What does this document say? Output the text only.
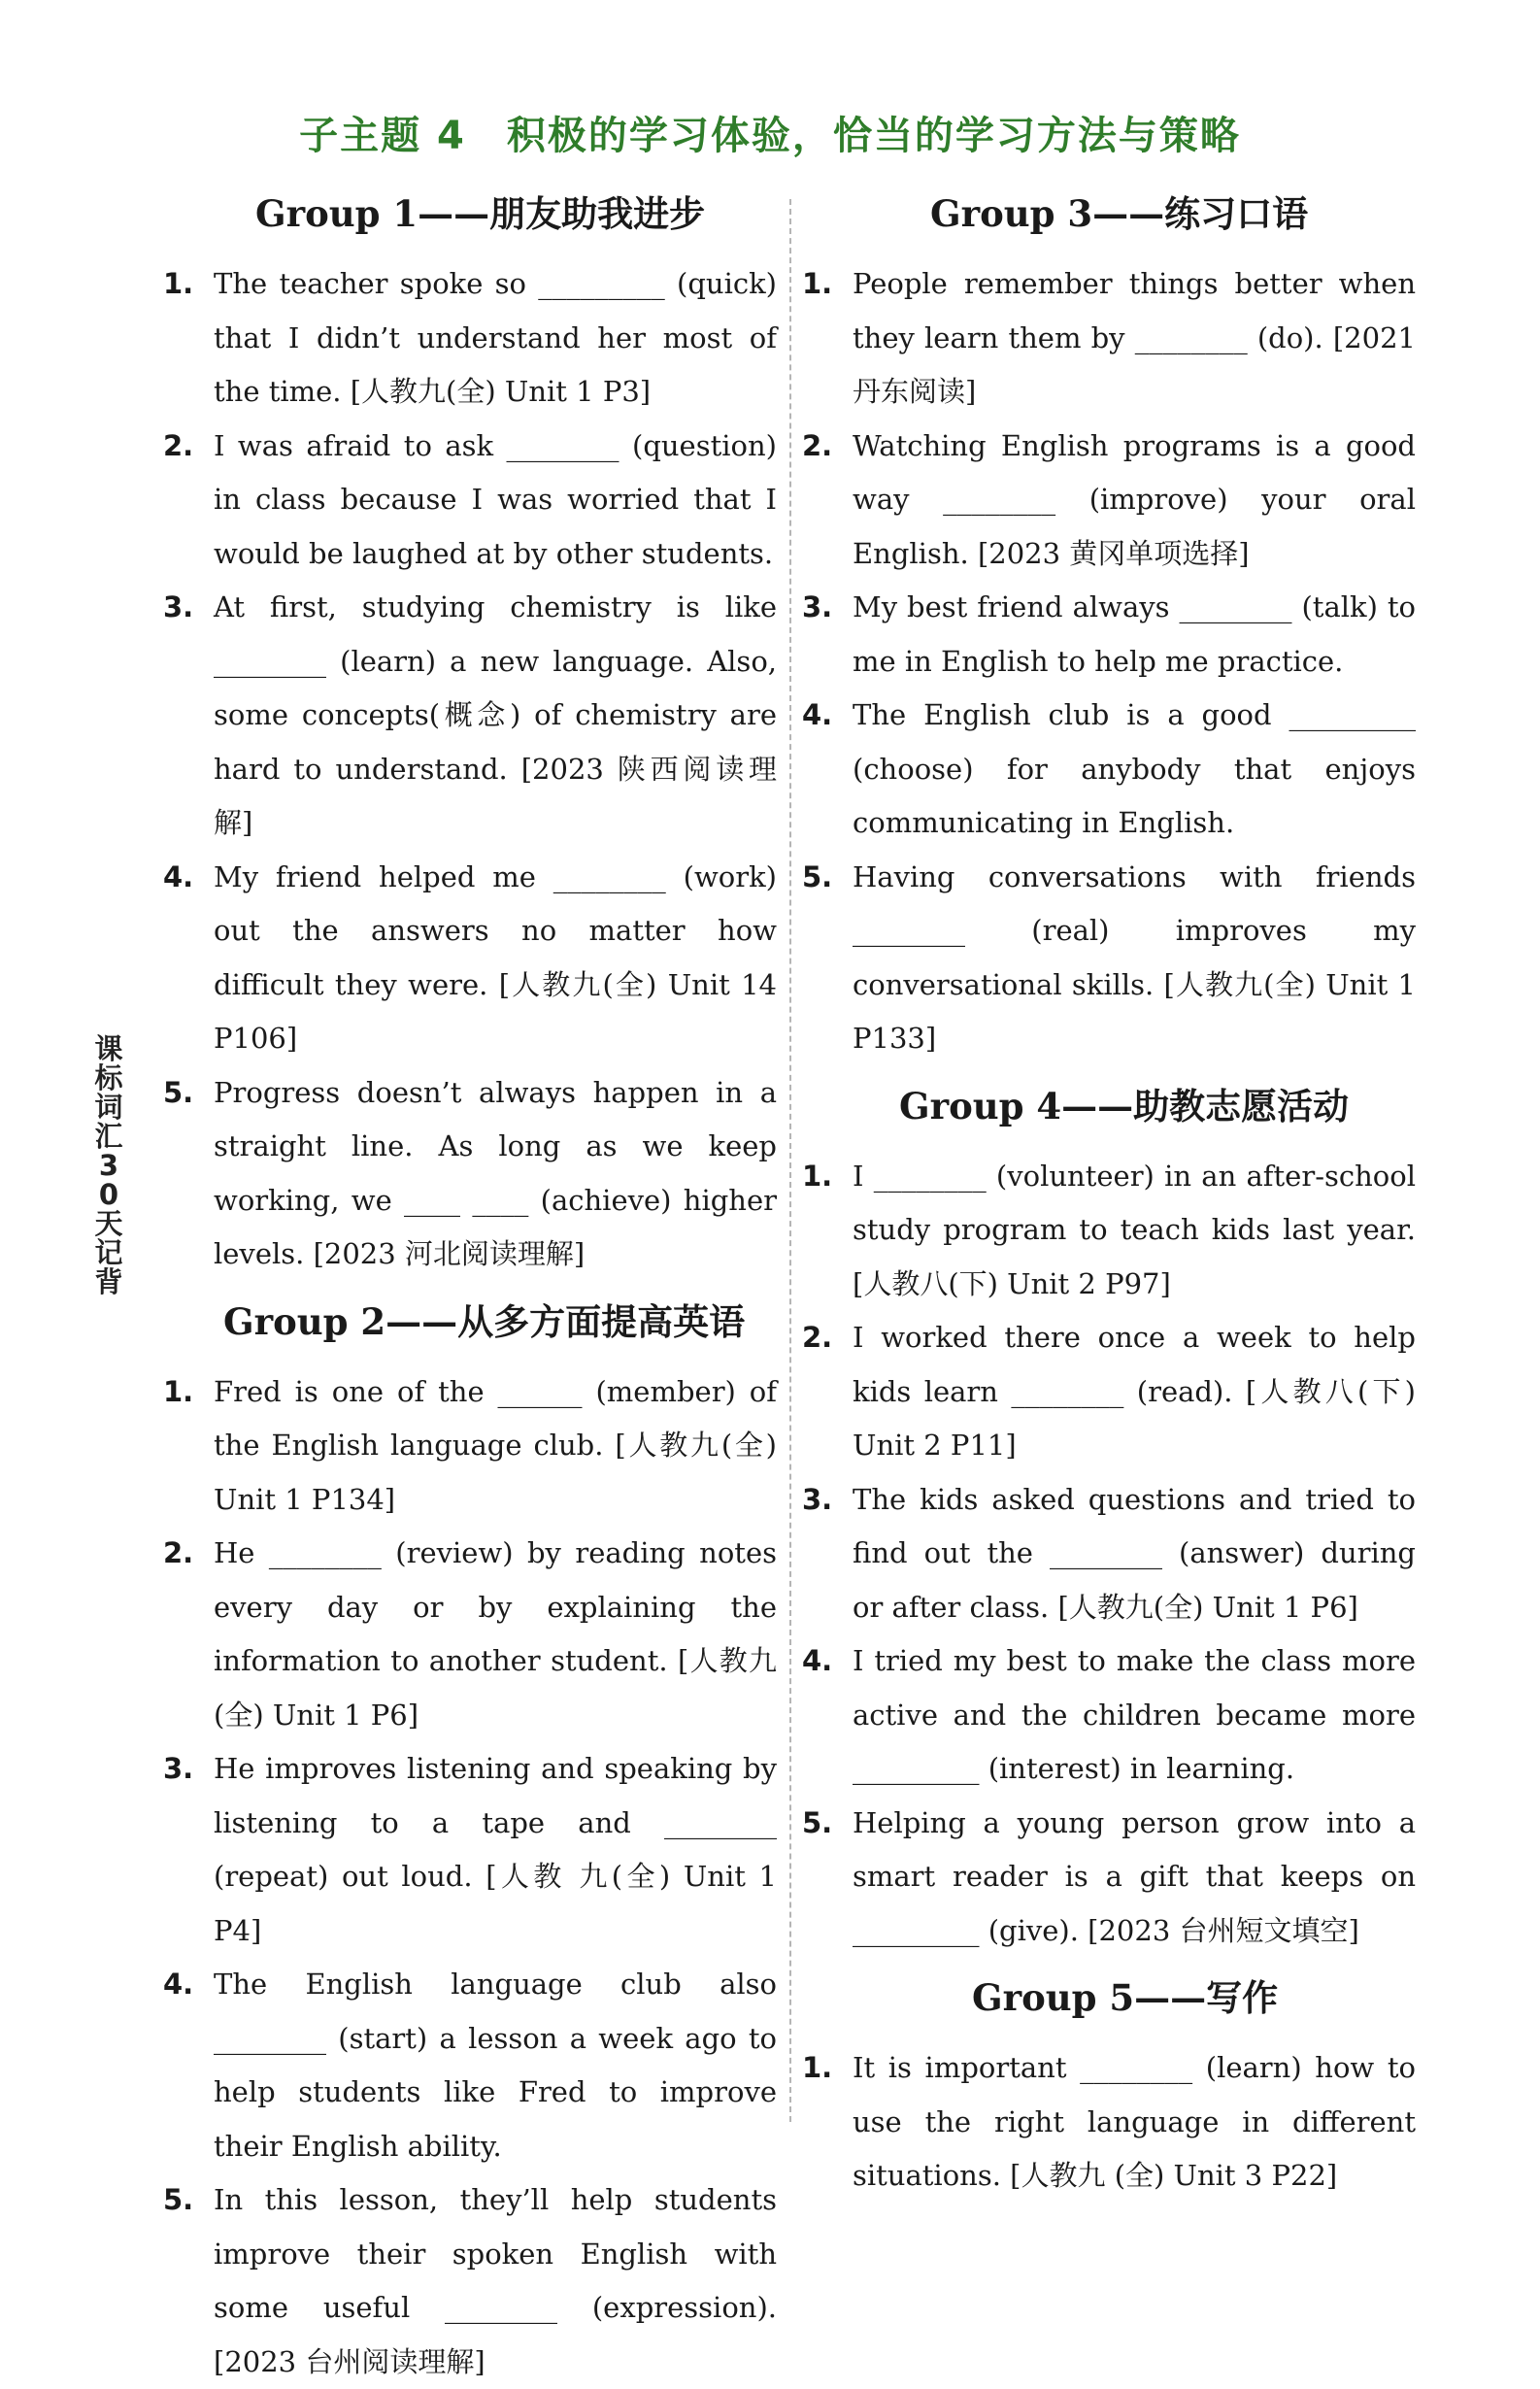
子主题 4　积极的学习体验，恰当的学习方法与策略
课标词汇30天记背
Group 1——朋友助我进步
1. The teacher spoke so _________ (quick) that I didn’t understand her most of the time. [人教九(全) Unit 1 P3]
2. I was afraid to ask ________ (question) in class because I was worried that I would be laughed at by other students.
3. At first, studying chemistry is like ________ (learn) a new language. Also, some concepts(概念) of chemistry are hard to understand. [2023 陕西阅读理解]
4. My friend helped me ________ (work) out the answers no matter how difficult they were. [人教九(全) Unit 14 P106]
5. Progress doesn’t always happen in a straight line. As long as we keep working, we ____ ____ (achieve) higher levels. [2023 河北阅读理解]
Group 2——从多方面提高英语
1. Fred is one of the ______ (member) of the English language club. [人教九(全) Unit 1 P134]
2. He ________ (review) by reading notes every day or by explaining the information to another student. [人教九(全) Unit 1 P6]
3. He improves listening and speaking by listening to a tape and ________ (repeat) out loud. [人教 九(全) Unit 1 P4]
4. The English language club also ________ (start) a lesson a week ago to help students like Fred to improve their English ability.
5. In this lesson, they’ll help students improve their spoken English with some useful ________ (expression). [2023 台州阅读理解]
Group 3——练习口语
1. People remember things better when they learn them by ________ (do). [2021 丹东阅读]
2. Watching English programs is a good way ________ (improve) your oral English. [2023 黄冈单项选择]
3. My best friend always ________ (talk) to me in English to help me practice.
4. The English club is a good _________ (choose) for anybody that enjoys communicating in English.
5. Having conversations with friends ________ (real) improves my conversational skills. [人教九(全) Unit 1 P133]
Group 4——助教志愿活动
1. I ________ (volunteer) in an after-school study program to teach kids last year. [人教八(下) Unit 2 P97]
2. I worked there once a week to help kids learn ________ (read). [人教八(下) Unit 2 P11]
3. The kids asked questions and tried to find out the ________ (answer) during or after class. [人教九(全) Unit 1 P6]
4. I tried my best to make the class more active and the children became more _________ (interest) in learning.
5. Helping a young person grow into a smart reader is a gift that keeps on _________ (give). [2023 台州短文填空]
Group 5——写作
1. It is important ________ (learn) how to use the right language in different situations. [人教九 (全) Unit 3 P22]
